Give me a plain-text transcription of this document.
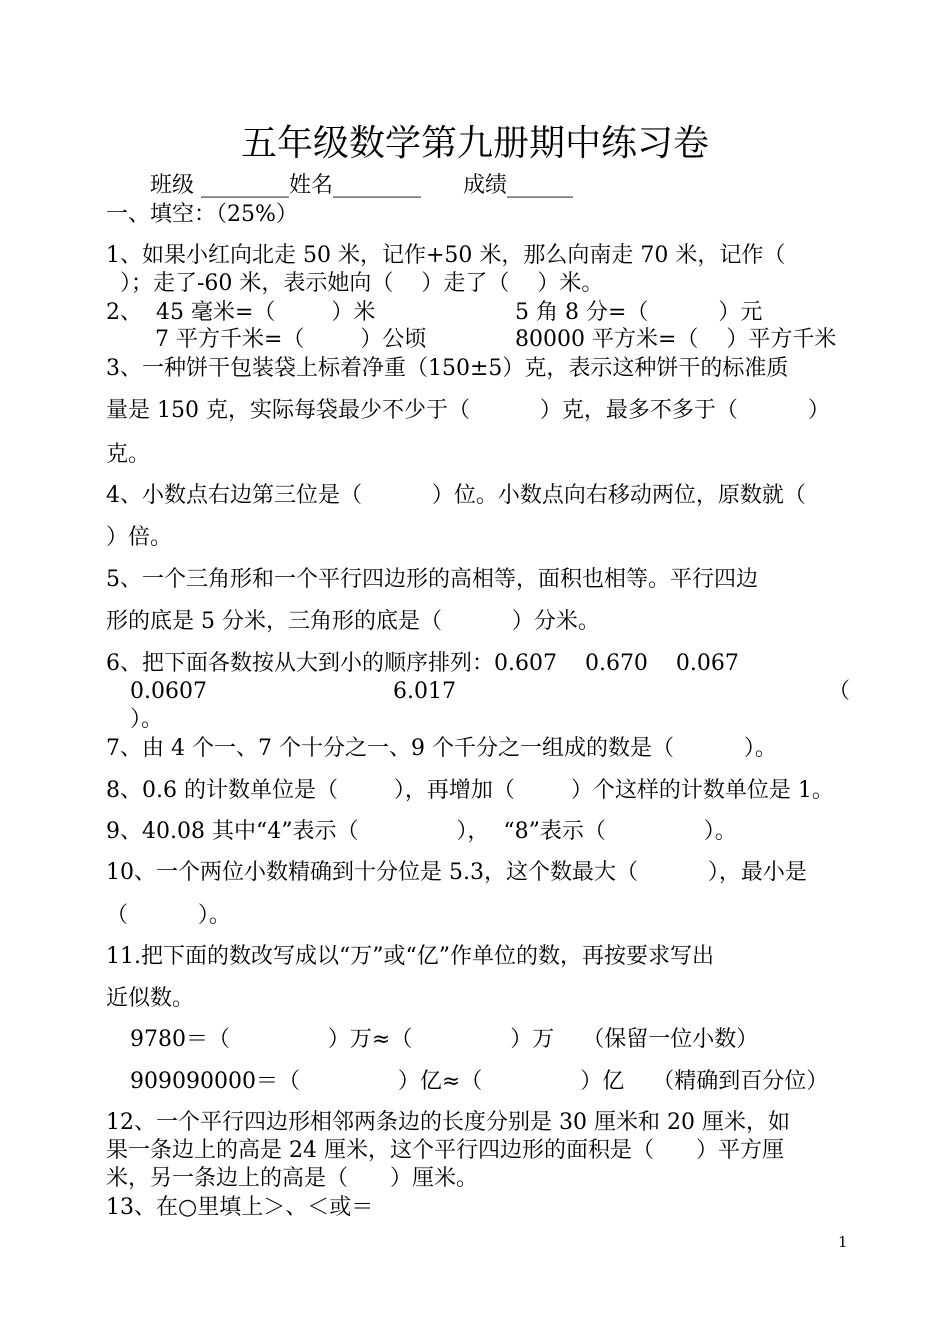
五年级数学第九册期中练习卷
班级 ________姓名________      成绩______
一、填空：（25%）
1、如果小红向北走 50 米，记作+50 米，那么向南走 70 米，记作（
）；走了-60 米，表示她向（    ）走了（    ）米。
2、  45 毫米=（        ）米	5 角 8 分=（          ）元
7 平方千米=（        ）公顷	80000 平方米=（    ）平方千米
3、一种饼干包装袋上标着净重（150±5）克，表示这种饼干的标准质
量是 150 克，实际每袋最少不少于（          ）克，最多不多于（          ）
克。
4、小数点右边第三位是（          ）位。小数点向右移动两位，原数就（
）倍。
5、一个三角形和一个平行四边形的高相等，面积也相等。平行四边
形的底是 5 分米，三角形的底是（          ）分米。
6、把下面各数按从大到小的顺序排列：0.607    0.670    0.067
0.0607	6.017	（
）。
7、由 4 个一、7 个十分之一、9 个千分之一组成的数是（          ）。
8、0.6 的计数单位是（        ），再增加（        ）个这样的计数单位是 1。
9、40.08 其中“4”表示（              ），  “8”表示（              ）。
10、一个两位小数精确到十分位是 5.3，这个数最大（          ），最小是
（          ）。
11.把下面的数改写成以“万”或“亿”作单位的数，再按要求写出
近似数。
9780＝（              ）万≈（              ）万    （保留一位小数）
909090000＝（              ）亿≈（              ）亿    （精确到百分位）
12、一个平行四边形相邻两条边的长度分别是 30 厘米和 20 厘米，如
果一条边上的高是 24 厘米，这个平行四边形的面积是（      ）平方厘
米，另一条边上的高是（      ）厘米。
13、在○里填上＞、＜或＝
1
